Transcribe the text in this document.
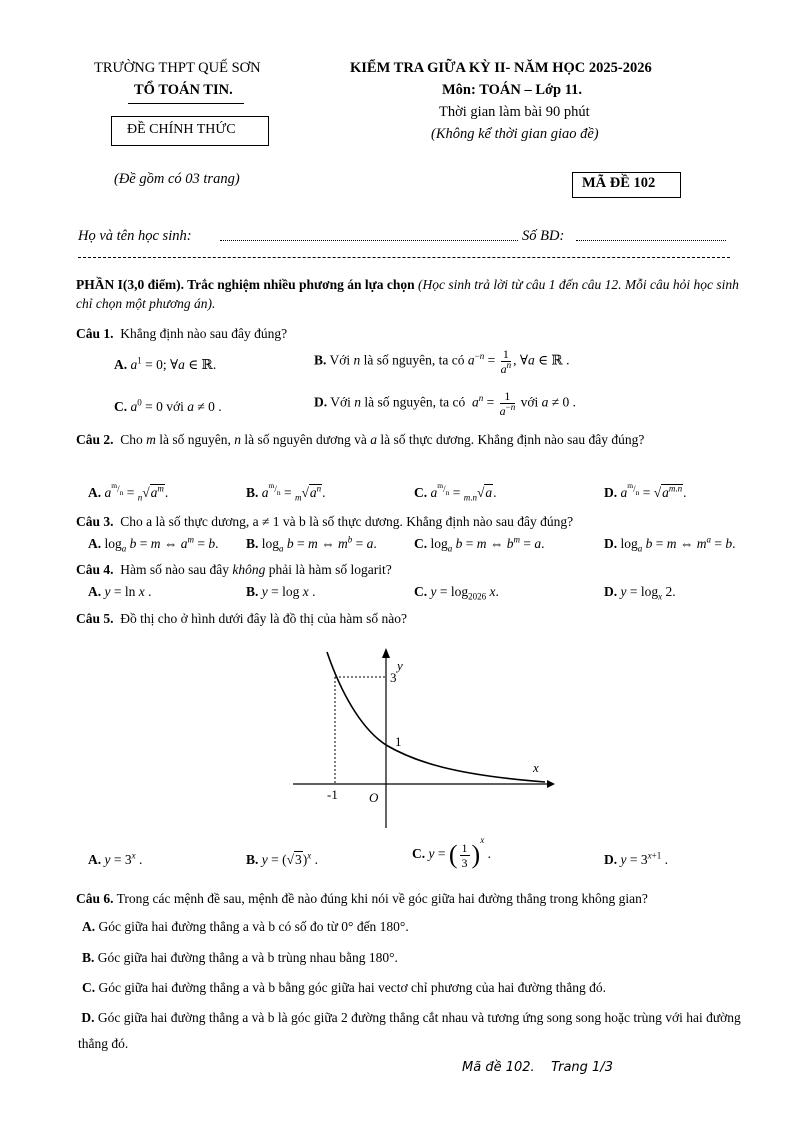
TRƯỜNG THPT QUẾ SƠN
TỔ TOÁN TIN.
ĐỀ CHÍNH THỨC
(Đề gồm có 03 trang)
KIỂM TRA GIỮA KỲ II- NĂM HỌC 2025-2026
Môn: TOÁN – Lớp 11.
Thời gian làm bài 90 phút
(Không kể thời gian giao đề)
MÃ ĐỀ 102
Họ và tên học sinh:	Số BD:
PHẦN I(3,0 điểm). Trắc nghiệm nhiều phương án lựa chọn (Học sinh trả lời từ câu 1 đến câu 12. Mỗi câu hỏi học sinh chỉ chọn một phương án).
Câu 1. Khẳng định nào sau đây đúng?
A. $a^1 = 0$; ∀a ∈ ℝ.	B. Với n là số nguyên, ta có $a^{-n} = \frac{1}{a^n}$ , ∀a ∈ ℝ .
C. $a^0 = 0$ với a ≠ 0 .	D. Với n là số nguyên, ta có  $a^n = \frac{1}{a^{-n}}$ với a ≠ 0 .
Câu 2. Cho m là số nguyên, n là số nguyên dương và a là số thực dương. Khẳng định nào sau đây đúng?
A. $a^{^m/_n} = _n√a^m$.	B. $a^{^m/_n} = _m√a^n$.	C. $a^{^m/_n} = _{m.n}√a$.	D. $a^{^m/_n} = √a^{m.n}$.
Câu 3. Cho a là số thực dương, a ≠ 1 và b là số thực dương. Khẳng định nào sau đây đúng?
A. $\log_a b = m$ ⇔ $a^m = b$. B. $\log_a b = m$ ⇔ $m^b = a$.	C. $\log_a b = m$ ⇔ $b^m = a$.	D. $\log_a b = m$ ⇔ $m^a = b$.
Câu 4. Hàm số nào sau đây không phải là hàm số logarit?
A. y = ln x .	B. y = log x .	C. $y = \log_{2026} x$.	D. $y = \log_x 2$.
Câu 5. Đồ thị cho ở hình dưới đây là đồ thị của hàm số nào?
y
x
O
3
1
-1
A. $y = 3^x$ .	B. $y = (√3)^x$ .	C. y = ( $\frac{1}{3} )^x$ .	D. $y = 3^{x+1}$ .
Câu 6. Trong các mệnh đề sau, mệnh đề nào đúng khi nói về góc giữa hai đường thẳng trong không gian?
A. Góc giữa hai đường thẳng a và b có số đo từ 0° đến 180°.
B. Góc giữa hai đường thẳng a và b trùng nhau bằng 180°.
C. Góc giữa hai đường thẳng a và b bằng góc giữa hai vectơ chỉ phương của hai đường thẳng đó.
D. Góc giữa hai đường thẳng a và b là góc giữa 2 đường thẳng cắt nhau và tương ứng song song hoặc trùng với hai đường thẳng đó.
Mã đề 102.    Trang 1/3
